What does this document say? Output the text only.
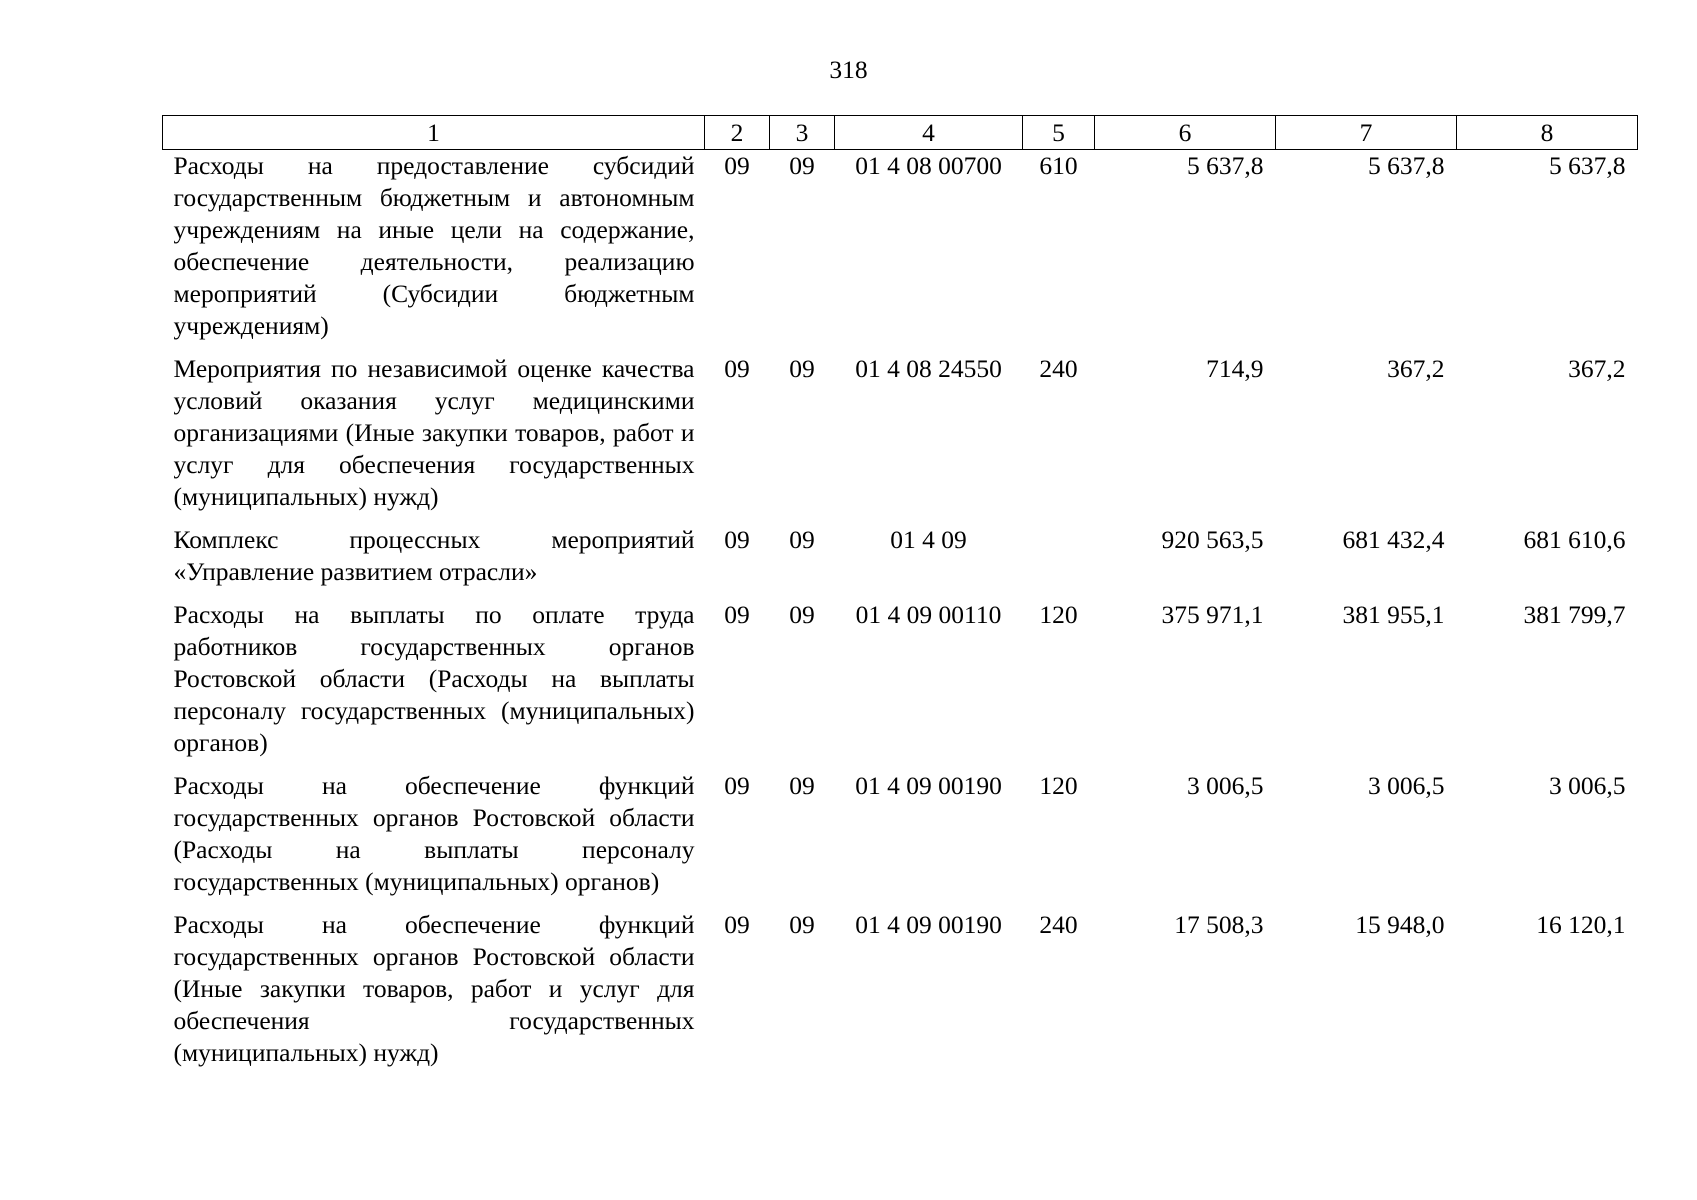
318
1	2	3	4	5	6	7	8
Расходы на предоставление субсидий государственным бюджетным и автономным учреждениям на иные цели на содержание, обеспечение деятельности, реализацию мероприятий (Субсидии бюджетным учреждениям)	09	09	01 4 08 00700	610	5 637,8	5 637,8	5 637,8
Мероприятия по независимой оценке качества условий оказания услуг медицинскими организациями (Иные закупки товаров, работ и услуг для обеспечения государственных (муниципальных) нужд)	09	09	01 4 08 24550	240	714,9	367,2	367,2
Комплекс процессных мероприятий «Управление развитием отрасли»	09	09	01 4 09		920 563,5	681 432,4	681 610,6
Расходы на выплаты по оплате труда работников государственных органов Ростовской области (Расходы на выплаты персоналу государственных (муниципальных) органов)	09	09	01 4 09 00110	120	375 971,1	381 955,1	381 799,7
Расходы на обеспечение функций государственных органов Ростовской области (Расходы на выплаты персоналу государственных (муниципальных) органов)	09	09	01 4 09 00190	120	3 006,5	3 006,5	3 006,5
Расходы на обеспечение функций государственных органов Ростовской области (Иные закупки товаров, работ и услуг для обеспечения государственных (муниципальных) нужд)	09	09	01 4 09 00190	240	17 508,3	15 948,0	16 120,1
